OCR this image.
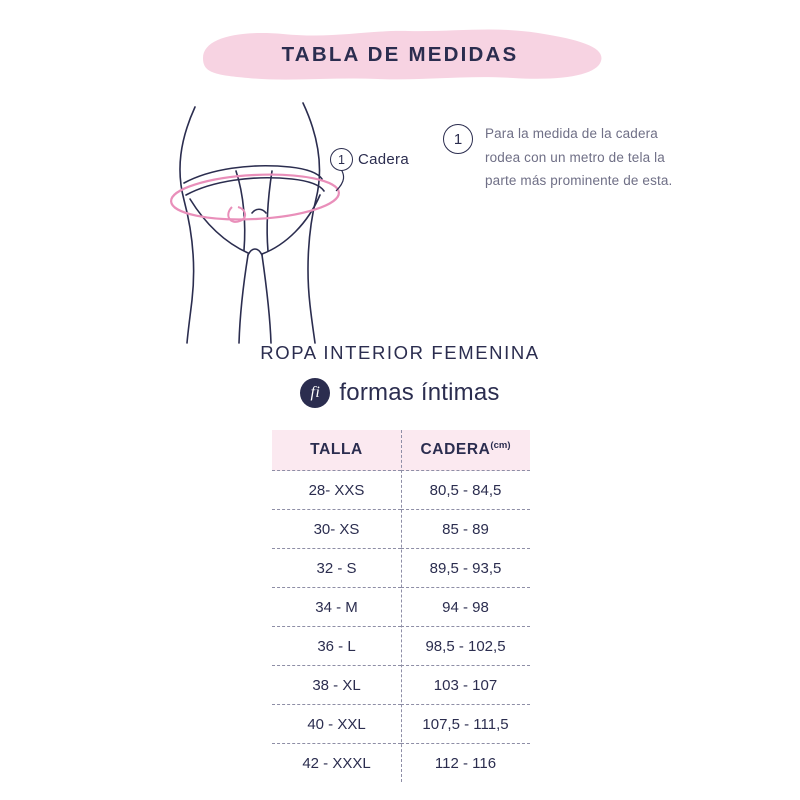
TABLA DE MEDIDAS
1 Cadera
1	Para la medida de la cadera rodea con un metro de tela la parte más prominente de esta.
ROPA INTERIOR FEMENINA
fi formas íntimas
TALLA	$CADERA^{(cm)}$
28- XXS	80,5 - 84,5
30- XS	85 - 89
32 - S	89,5 - 93,5
34 - M	94 - 98
36 - L	98,5 - 102,5
38 - XL	103 - 107
40 - XXL	107,5 - 111,5
42 - XXXL	112 - 116
